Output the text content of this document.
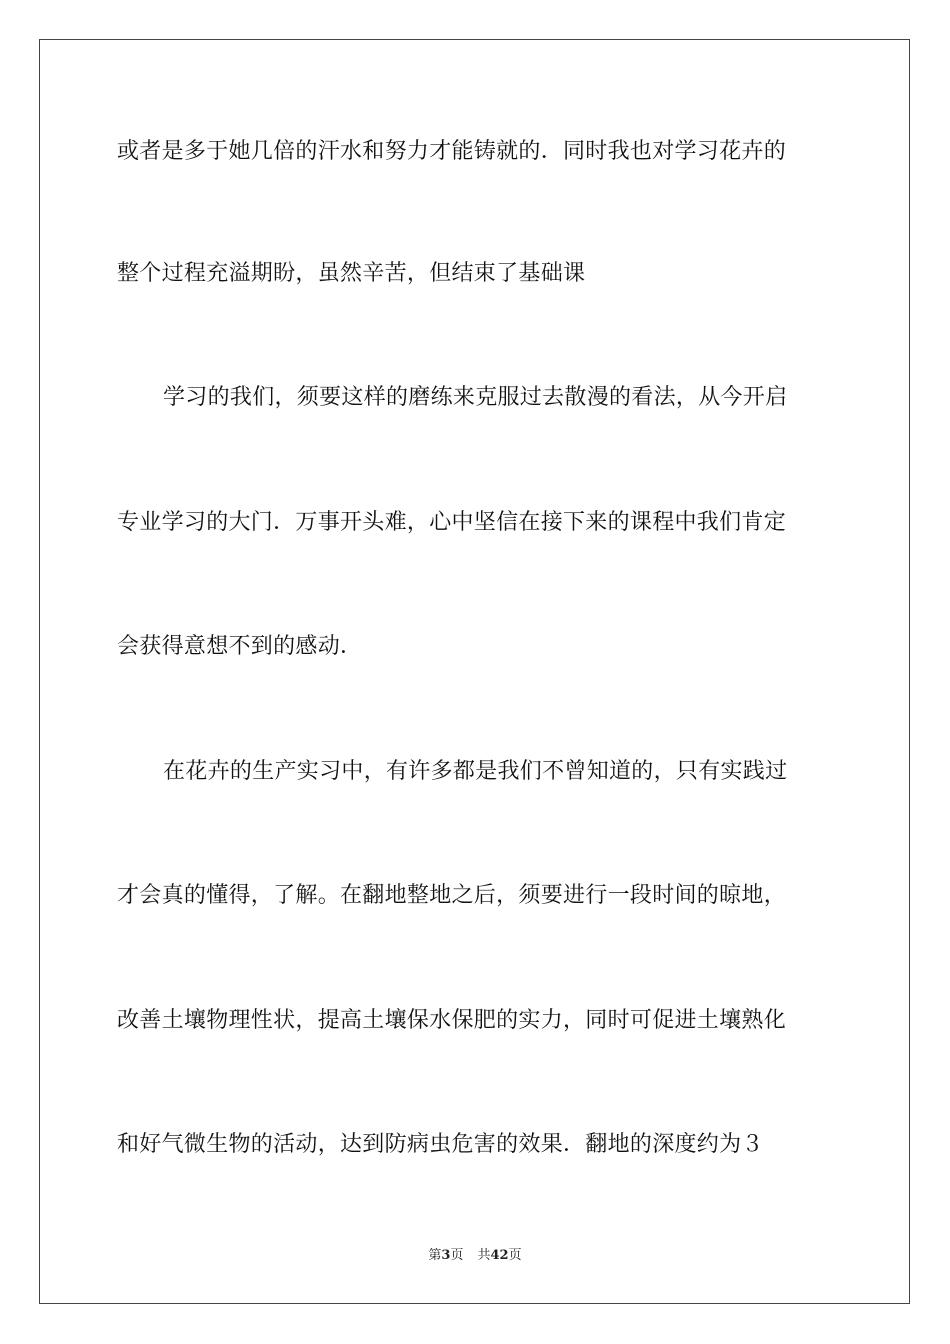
或者是多于她几倍的汗水和努力才能铸就的．同时我也对学习花卉的
整个过程充溢期盼，虽然辛苦，但结束了基础课
学习的我们，须要这样的磨练来克服过去散漫的看法，从今开启
专业学习的大门．万事开头难，心中坚信在接下来的课程中我们肯定
会获得意想不到的感动．
在花卉的生产实习中，有许多都是我们不曾知道的，只有实践过
才会真的懂得，了解。在翻地整地之后，须要进行一段时间的晾地，
改善土壤物理性状，提高土壤保水保肥的实力，同时可促进土壤熟化
和好气微生物的活动，达到防病虫危害的效果．翻地的深度约为３
第3页 共42页
